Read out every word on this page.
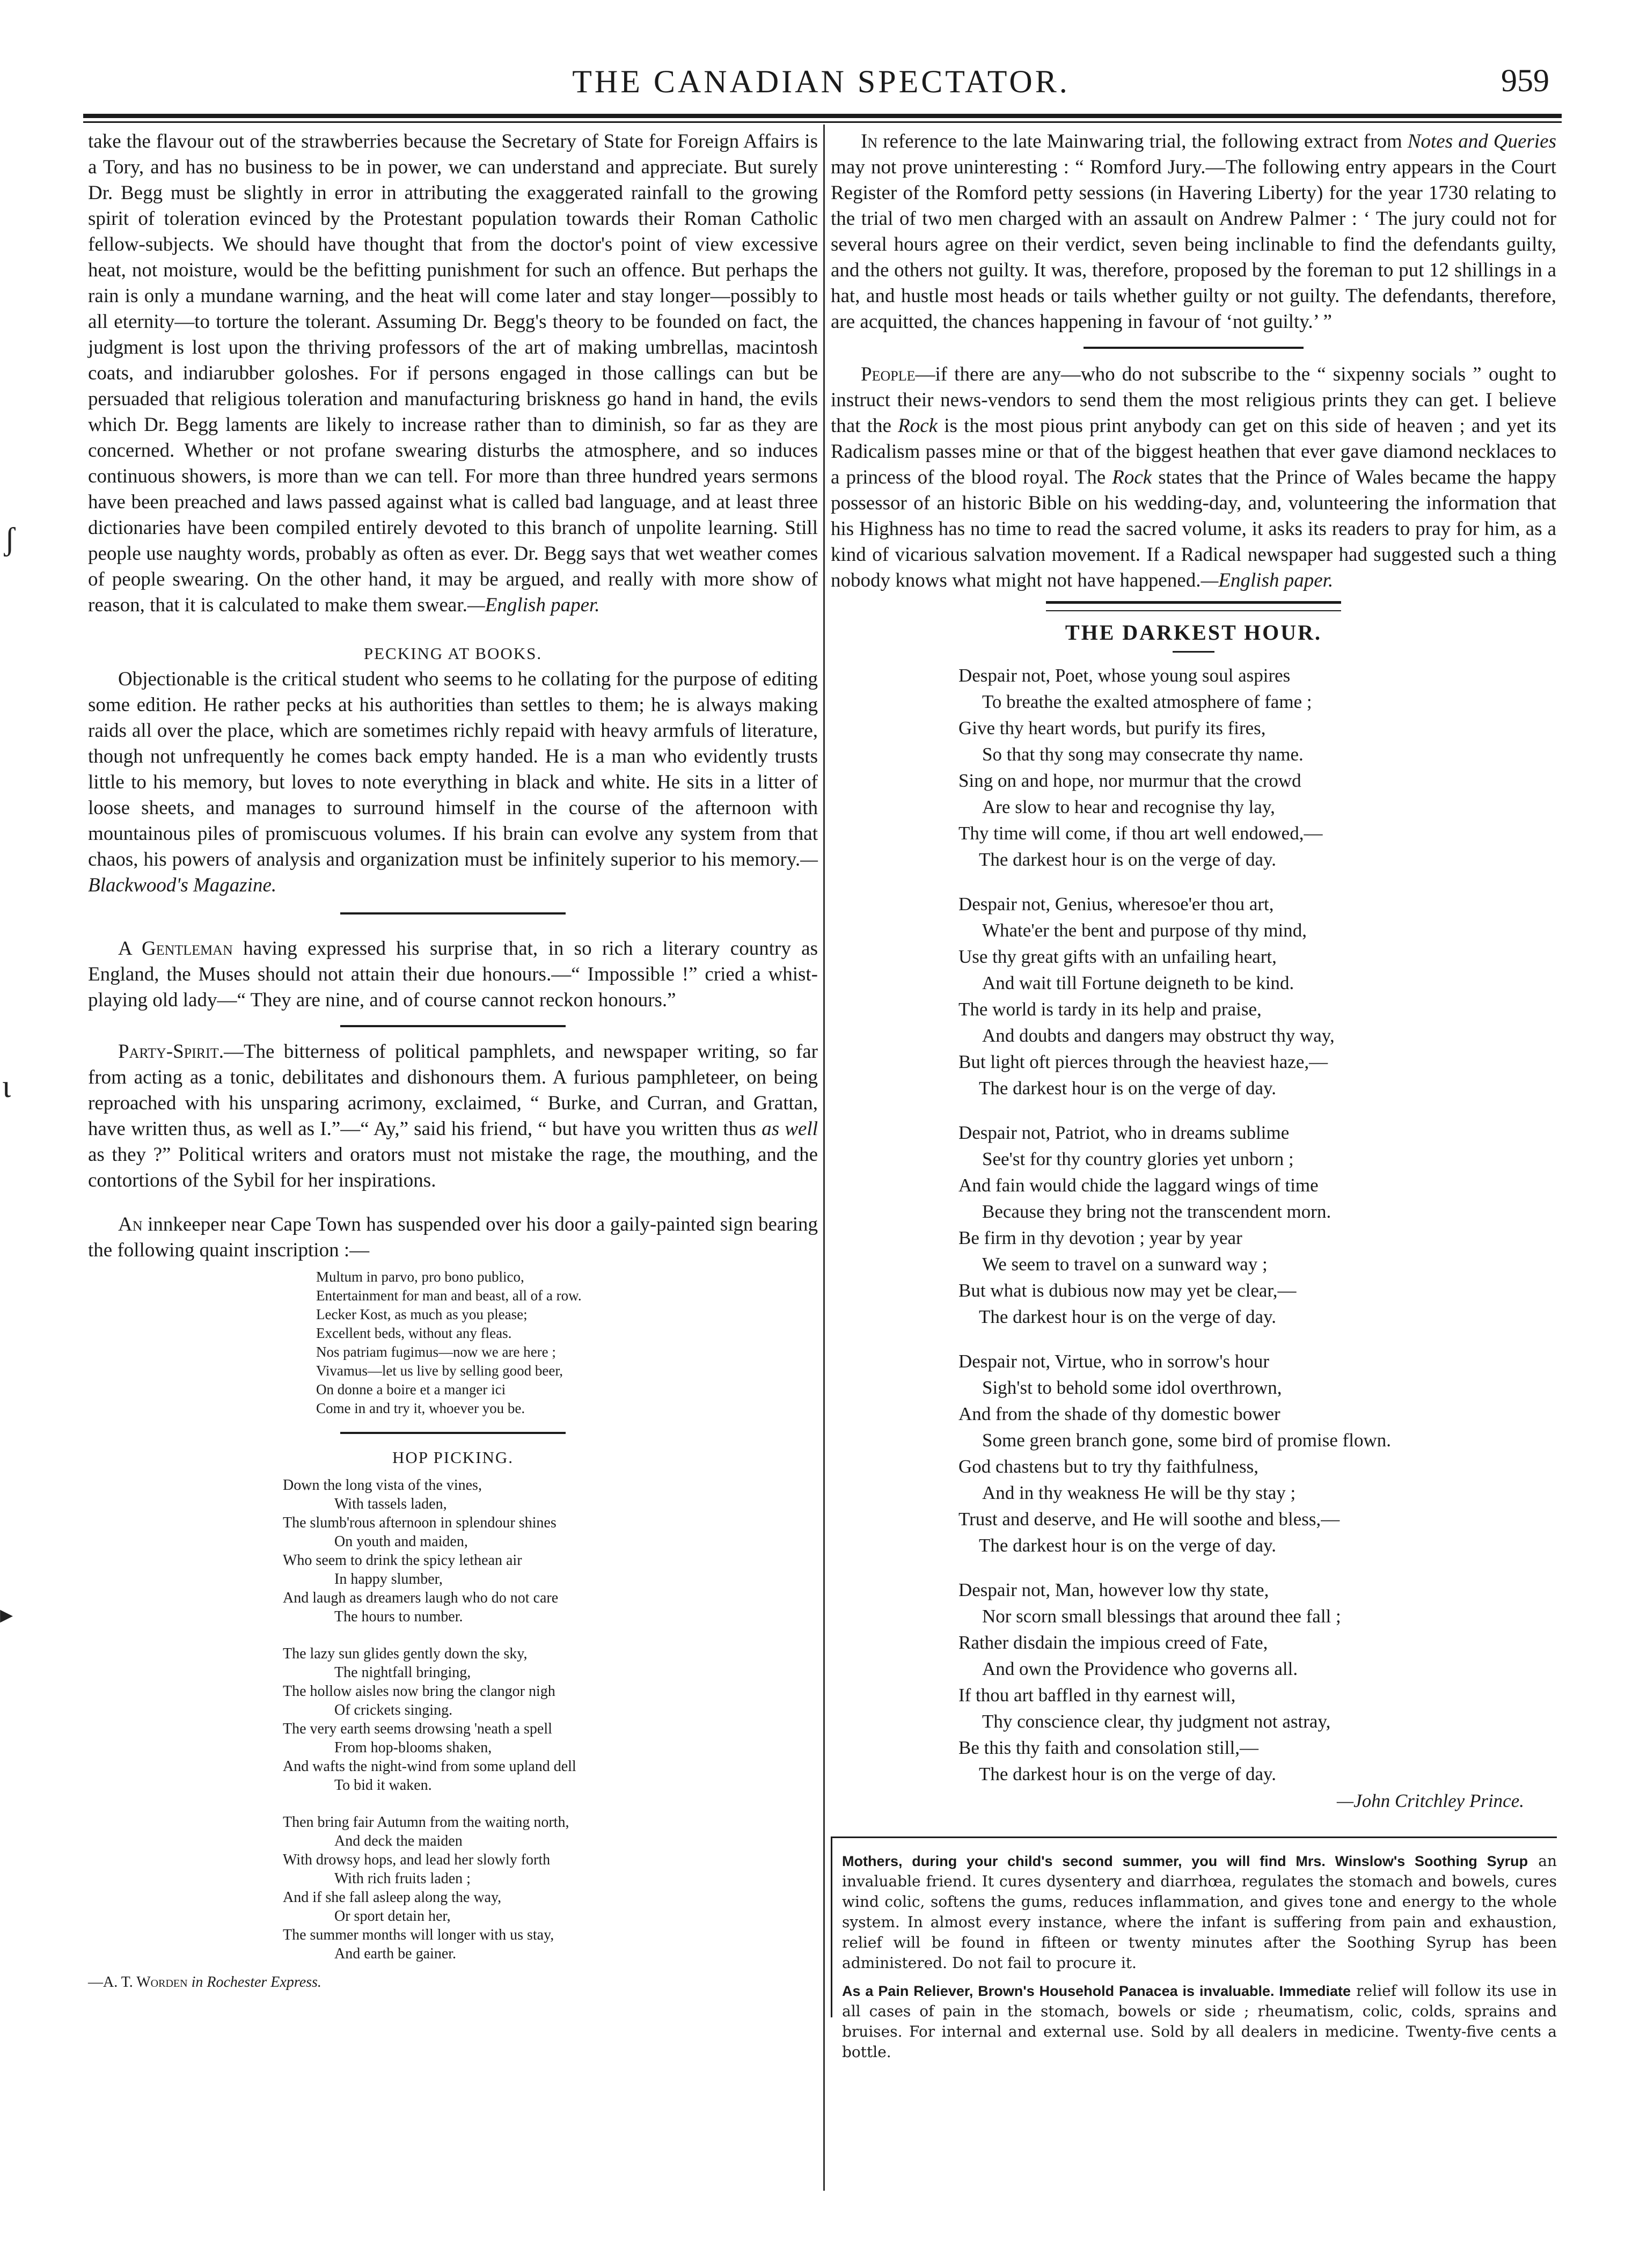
THE CANADIAN SPECTATOR.	959

take the flavour out of the strawberries because the Secretary of State for Foreign Affairs is a Tory, and has no business to be in power, we can understand and appreciate. But surely Dr. Begg must be slightly in error in attributing the exaggerated rainfall to the growing spirit of toleration evinced by the Protestant population towards their Roman Catholic fellow-subjects. We should have thought that from the doctor's point of view excessive heat, not moisture, would be the befitting punishment for such an offence. But perhaps the rain is only a mundane warning, and the heat will come later and stay longer—possibly to all eternity—to torture the tolerant. Assuming Dr. Begg's theory to be founded on fact, the judgment is lost upon the thriving professors of the art of making umbrellas, macintosh coats, and indiarubber goloshes. For if persons engaged in those callings can but be persuaded that religious toleration and manufacturing briskness go hand in hand, the evils which Dr. Begg laments are likely to increase rather than to diminish, so far as they are concerned. Whether or not profane swearing disturbs the atmosphere, and so induces continuous showers, is more than we can tell. For more than three hundred years sermons have been preached and laws passed against what is called bad language, and at least three dictionaries have been compiled entirely devoted to this branch of unpolite learning. Still people use naughty words, probably as often as ever. Dr. Begg says that wet weather comes of people swearing. On the other hand, it may be argued, and really with more show of reason, that it is calculated to make them swear.—English paper.

PECKING AT BOOKS.

Objectionable is the critical student who seems to he collating for the purpose of editing some edition. He rather pecks at his authorities than settles to them; he is always making raids all over the place, which are sometimes richly repaid with heavy armfuls of literature, though not unfrequently he comes back empty handed. He is a man who evidently trusts little to his memory, but loves to note everything in black and white. He sits in a litter of loose sheets, and manages to surround himself in the course of the afternoon with mountainous piles of promiscuous volumes. If his brain can evolve any system from that chaos, his powers of analysis and organization must be infinitely superior to his memory.—Blackwood's Magazine.

A Gentleman having expressed his surprise that, in so rich a literary country as England, the Muses should not attain their due honours.—“ Impossible !” cried a whist-playing old lady—“ They are nine, and of course cannot reckon honours.”

Party-Spirit.—The bitterness of political pamphlets, and newspaper writing, so far from acting as a tonic, debilitates and dishonours them. A furious pamphleteer, on being reproached with his unsparing acrimony, exclaimed, “ Burke, and Curran, and Grattan, have written thus, as well as I.”—“ Ay,” said his friend, “ but have you written thus as well as they ?” Political writers and orators must not mistake the rage, the mouthing, and the contortions of the Sybil for her inspirations.

An innkeeper near Cape Town has suspended over his door a gaily-painted sign bearing the following quaint inscription :—

Multum in parvo, pro bono publico,
Entertainment for man and beast, all of a row.
Lecker Kost, as much as you please;
Excellent beds, without any fleas.
Nos patriam fugimus—now we are here ;
Vivamus—let us live by selling good beer,
On donne a boire et a manger ici
Come in and try it, whoever you be.
HOP PICKING.
Down the long vista of the vines,
With tassels laden,
The slumb'rous afternoon in splendour shines
On youth and maiden,
Who seem to drink the spicy lethean air
In happy slumber,
And laugh as dreamers laugh who do not care
The hours to number.
The lazy sun glides gently down the sky,
The nightfall bringing,
The hollow aisles now bring the clangor nigh
Of crickets singing.
The very earth seems drowsing 'neath a spell
From hop-blooms shaken,
And wafts the night-wind from some upland dell
To bid it waken.
Then bring fair Autumn from the waiting north,
And deck the maiden
With drowsy hops, and lead her slowly forth
With rich fruits laden ;
And if she fall asleep along the way,
Or sport detain her,
The summer months will longer with us stay,
And earth be gainer.
—A. T. Worden in Rochester Express.

In reference to the late Mainwaring trial, the following extract from Notes and Queries may not prove uninteresting : “ Romford Jury.—The following entry appears in the Court Register of the Romford petty sessions (in Havering Liberty) for the year 1730 relating to the trial of two men charged with an assault on Andrew Palmer : ‘ The jury could not for several hours agree on their verdict, seven being inclinable to find the defendants guilty, and the others not guilty. It was, therefore, proposed by the foreman to put 12 shillings in a hat, and hustle most heads or tails whether guilty or not guilty. The defendants, therefore, are acquitted, the chances happening in favour of ‘not guilty.’ ”

People—if there are any—who do not subscribe to the “ sixpenny socials ” ought to instruct their news-vendors to send them the most religious prints they can get. I believe that the Rock is the most pious print anybody can get on this side of heaven ; and yet its Radicalism passes mine or that of the biggest heathen that ever gave diamond necklaces to a princess of the blood royal. The Rock states that the Prince of Wales became the happy possessor of an historic Bible on his wedding-day, and, volunteering the information that his Highness has no time to read the sacred volume, it asks its readers to pray for him, as a kind of vicarious salvation movement. If a Radical newspaper had suggested such a thing nobody knows what might not have happened.—English paper.

THE DARKEST HOUR.
Despair not, Poet, whose young soul aspires
To breathe the exalted atmosphere of fame ;
Give thy heart words, but purify its fires,
So that thy song may consecrate thy name.
Sing on and hope, nor murmur that the crowd
Are slow to hear and recognise thy lay,
Thy time will come, if thou art well endowed,—
The darkest hour is on the verge of day.
Despair not, Genius, wheresoe'er thou art,
Whate'er the bent and purpose of thy mind,
Use thy great gifts with an unfailing heart,
And wait till Fortune deigneth to be kind.
The world is tardy in its help and praise,
And doubts and dangers may obstruct thy way,
But light oft pierces through the heaviest haze,—
The darkest hour is on the verge of day.
Despair not, Patriot, who in dreams sublime
See'st for thy country glories yet unborn ;
And fain would chide the laggard wings of time
Because they bring not the transcendent morn.
Be firm in thy devotion ; year by year
We seem to travel on a sunward way ;
But what is dubious now may yet be clear,—
The darkest hour is on the verge of day.
Despair not, Virtue, who in sorrow's hour
Sigh'st to behold some idol overthrown,
And from the shade of thy domestic bower
Some green branch gone, some bird of promise flown.
God chastens but to try thy faithfulness,
And in thy weakness He will be thy stay ;
Trust and deserve, and He will soothe and bless,—
The darkest hour is on the verge of day.
Despair not, Man, however low thy state,
Nor scorn small blessings that around thee fall ;
Rather disdain the impious creed of Fate,
And own the Providence who governs all.
If thou art baffled in thy earnest will,
Thy conscience clear, thy judgment not astray,
Be this thy faith and consolation still,—
The darkest hour is on the verge of day.
—John Critchley Prince.

Mothers, during your child's second summer, you will find Mrs. Winslow's Soothing Syrup an invaluable friend. It cures dysentery and diarrhœa, regulates the stomach and bowels, cures wind colic, softens the gums, reduces inflammation, and gives tone and energy to the whole system. In almost every instance, where the infant is suffering from pain and exhaustion, relief will be found in fifteen or twenty minutes after the Soothing Syrup has been administered. Do not fail to procure it.

As a Pain Reliever, Brown's Household Panacea is invaluable. Immediate relief will follow its use in all cases of pain in the stomach, bowels or side ; rheumatism, colic, colds, sprains and bruises. For internal and external use. Sold by all dealers in medicine. Twenty-five cents a bottle.

ʃ
ɩ
▸
